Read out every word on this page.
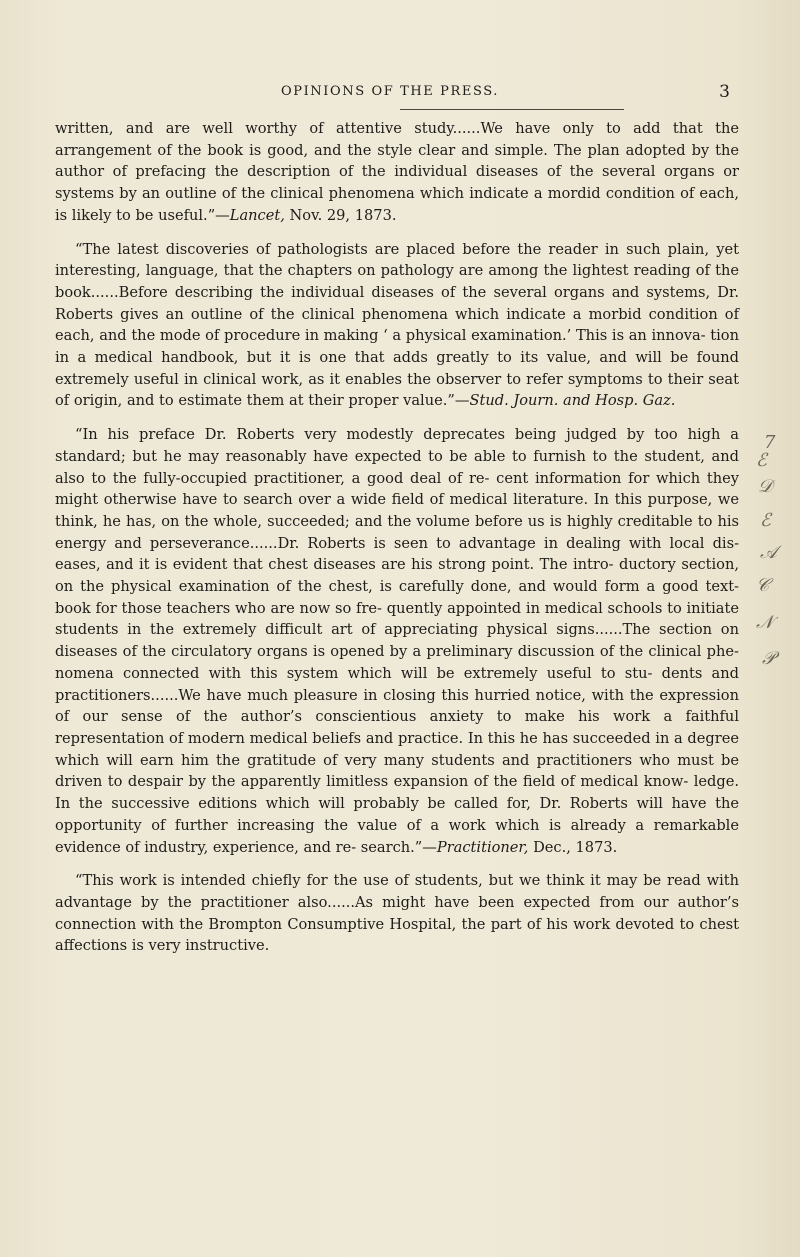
OPINIONS OF THE PRESS.	3

written, and are well worthy of attentive study......We have only to add that the arrangement of the book is good, and the style clear and simple. The plan adopted by the author of prefacing the description of the individual diseases of the several organs or systems by an outline of the clinical phenomena which indicate a mordid condition of each, is likely to be useful.”—Lancet, Nov. 29, 1873.

“The latest discoveries of pathologists are placed before the reader in such plain, yet interesting, language, that the chapters on pathology are among the lightest reading of the book......Before describing the individual diseases of the several organs and systems, Dr. Roberts gives an outline of the clinical phenomena which indicate a morbid condition of each, and the mode of procedure in making ‘ a physical examination.’ This is an innova- tion in a medical handbook, but it is one that adds greatly to its value, and will be found extremely useful in clinical work, as it enables the observer to refer symptoms to their seat of origin, and to estimate them at their proper value.”—Stud. Journ. and Hosp. Gaz.

“In his preface Dr. Roberts very modestly deprecates being judged by too high a standard; but he may reasonably have expected to be able to furnish to the student, and also to the fully-occupied practitioner, a good deal of re- cent information for which they might otherwise have to search over a wide field of medical literature. In this purpose, we think, he has, on the whole, succeeded; and the volume before us is highly creditable to his energy and perseverance......Dr. Roberts is seen to advantage in dealing with local dis- eases, and it is evident that chest diseases are his strong point. The intro- ductory section, on the physical examination of the chest, is carefully done, and would form a good text-book for those teachers who are now so fre- quently appointed in medical schools to initiate students in the extremely difficult art of appreciating physical signs......The section on diseases of the circulatory organs is opened by a preliminary discussion of the clinical phe- nomena connected with this system which will be extremely useful to stu- dents and practitioners......We have much pleasure in closing this hurried notice, with the expression of our sense of the author’s conscientious anxiety to make his work a faithful representation of modern medical beliefs and practice. In this he has succeeded in a degree which will earn him the gratitude of very many students and practitioners who must be driven to despair by the apparently limitless expansion of the field of medical know- ledge. In the successive editions which will probably be called for, Dr. Roberts will have the opportunity of further increasing the value of a work which is already a remarkable evidence of industry, experience, and re- search.”—Practitioner, Dec., 1873.

“This work is intended chiefly for the use of students, but we think it may be read with advantage by the practitioner also......As might have been expected from our author’s connection with the Brompton Consumptive Hospital, the part of his work devoted to chest affections is very instructive.

7
ℰ
𝒟
ℰ
𝒜
𝒞
𝒩
𝒫
